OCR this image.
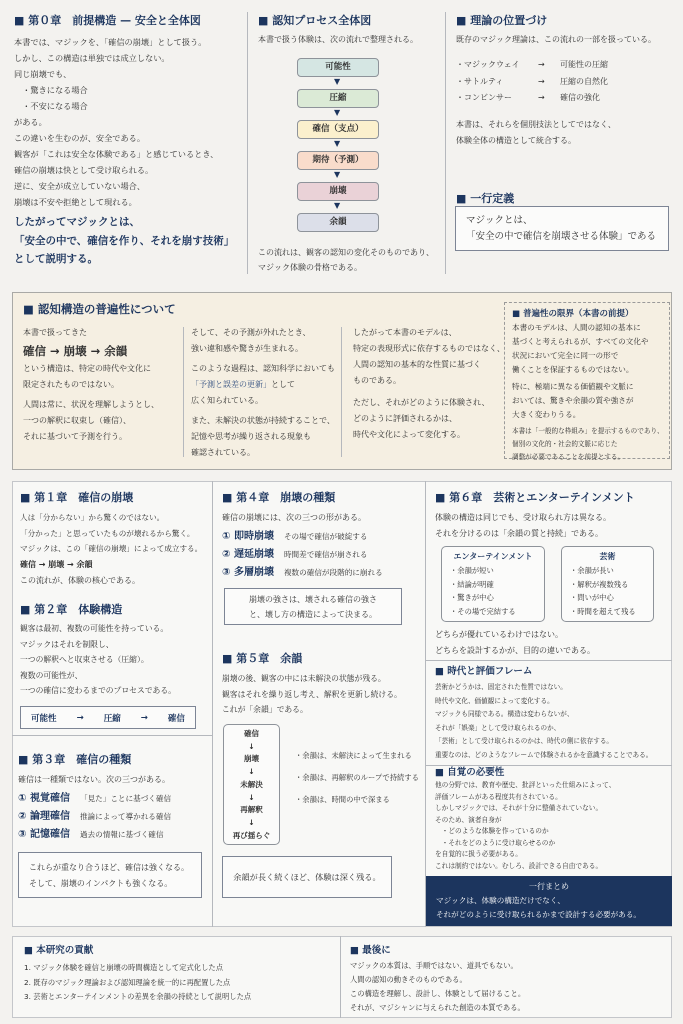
■ 第０章　前提構造 — 安全と全体図
本書では、マジックを、「確信の崩壊」として扱う。
しかし、この構造は単独では成立しない。
同じ崩壊でも、
　・驚きになる場合
　・不安になる場合
がある。
この違いを生むのが、安全である。
観客が「これは安全な体験である」と感じているとき、
確信の崩壊は快として受け取られる。
逆に、安全が成立していない場合、
崩壊は不安や拒絶として現れる。
したがってマジックとは、
「安全の中で、確信を作り、それを崩す技術」
として説明する。
■ 認知プロセス全体図
本書で扱う体験は、次の流れで整理される。
可能性
▼
圧縮
▼
確信（支点）
▼
期待（予測）
▼
崩壊
▼
余韻
この流れは、観客の認知の変化そのものであり、
マジック体験の骨格である。
■ 理論の位置づけ
既存のマジック理論は、この流れの一部を扱っている。
・マジックウェイ	→	可能性の圧縮
・サトルティ	→	圧縮の自然化
・コンビンサー	→	確信の強化
本書は、それらを個別技法としてではなく、
体験全体の構造として統合する。
■ 一行定義
マジックとは、
「安全の中で確信を崩壊させる体験」である
■ 認知構造の普遍性について
本書で扱ってきた
確信 → 崩壊 → 余韻
という構造は、特定の時代や文化に
限定されたものではない。
人間は常に、状況を理解しようとし、
一つの解釈に収束し（確信）、
それに基づいて予測を行う。
そして、その予測が外れたとき、
強い違和感や驚きが生まれる。
このような過程は、認知科学においても
「予測と誤差の更新」として
広く知られている。
また、未解決の状態が持続することで、
記憶や思考が繰り返される現象も
確認されている。
したがって本書のモデルは、
特定の表現形式に依存するものではなく、
人間の認知の基本的な性質に基づく
ものである。
ただし、それがどのように体験され、
どのように評価されるかは、
時代や文化によって変化する。
■ 普遍性の限界（本書の前提）
本書のモデルは、人間の認知の基本に
基づくと考えられるが、すべての文化や
状況において完全に同一の形で
働くことを保証するものではない。
特に、極端に異なる価値観や文脈に
おいては、驚きや余韻の質や強さが
大きく変わりうる。
本書は「一般的な枠組み」を提示するものであり、
個別の文化的・社会的文脈に応じた
調整が必要であることを前提とする。
■ 第１章　確信の崩壊
人は「分からない」から驚くのではない。
「分かった」と思っていたものが壊れるから驚く。
マジックは、この「確信の崩壊」によって成立する。
確信 → 崩壊 → 余韻
この流れが、体験の核心である。
■ 第２章　体験構造
観客は最初、複数の可能性を持っている。
マジックはそれを制限し、
一つの解釈へと収束させる（圧縮）。
複数の可能性が、
一つの確信に変わるまでのプロセスである。
可能性 → 圧縮 → 確信
■ 第３章　確信の種類
確信は一種類ではない。次の三つがある。
① 視覚確信 「見た」ことに基づく確信
② 論理確信 推論によって導かれる確信
③ 記憶確信 過去の情報に基づく確信
これらが重なり合うほど、確信は強くなる。
そして、崩壊のインパクトも強くなる。
■ 第４章　崩壊の種類
確信の崩壊には、次の三つの形がある。
① 即時崩壊 その場で確信が破綻する
② 遅延崩壊 時間差で確信が崩される
③ 多層崩壊 複数の確信が段階的に崩れる
崩壊の強さは、壊される確信の強さ
と、壊し方の構造によって決まる。
■ 第５章　余韻
崩壊の後、観客の中には未解決の状態が残る。
観客はそれを繰り返し考え、解釈を更新し続ける。
これが「余韻」である。
確信
↓
崩壊
↓
未解決
↓
再解釈
↓
再び揺らぐ
・余韻は、未解決によって生まれる
・余韻は、再解釈のループで持続する
・余韻は、時間の中で深まる
余韻が長く続くほど、体験は深く残る。
■ 第６章　芸術とエンターテインメント
体験の構造は同じでも、受け取られ方は異なる。
それを分けるのは「余韻の質と持続」である。
エンターテインメント
・余韻が短い
・結論が明確
・驚きが中心
・その場で完結する
芸術
・余韻が長い
・解釈が複数残る
・問いが中心
・時間を超えて残る
どちらが優れているわけではない。
どちらを設計するかが、目的の違いである。
■ 時代と評価フレーム
芸術かどうかは、固定された性質ではない。
時代や文化、価値観によって変化する。
マジックも同様である。構造は変わらないが、
それが「娯楽」として受け取られるのか、
「芸術」として受け取られるのかは、時代の側に依存する。
重要なのは、どのようなフレームで体験されるかを意識することである。
■ 自覚の必要性
他の分野では、教育や歴史、批評といった仕組みによって、
評価フレームがある程度共有されている。
しかしマジックでは、それが十分に整備されていない。
そのため、演者自身が
　・どのような体験を作っているのか
　・それをどのように受け取らせるのか
を自覚的に扱う必要がある。
これは制約ではない。むしろ、設計できる自由である。
一行まとめ
マジックは、体験の構造だけでなく、
それがどのように受け取られるかまで設計する必要がある。
■ 本研究の貢献
1. マジック体験を確信と崩壊の時間構造として定式化した点
2. 既存のマジック理論および認知理論を統一的に再配置した点
3. 芸術とエンターテインメントの差異を余韻の持続として説明した点
■ 最後に
マジックの本質は、手順ではない、道具でもない。
人間の認知の動きそのものである。
この構造を理解し、設計し、体験として届けること。
それが、マジシャンに与えられた創造の本質である。
